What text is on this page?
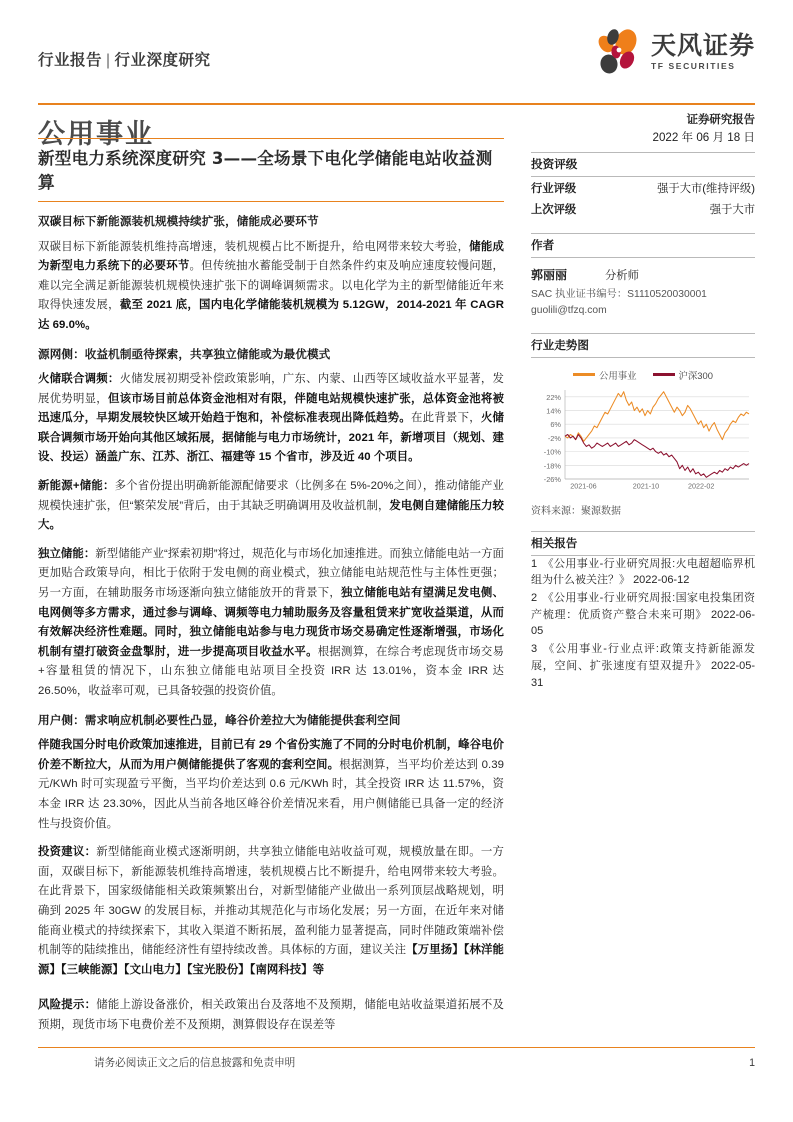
行业报告 | 行业深度研究
天风证券
TF SECURITIES
公用事业	证券研究报告
2022 年 06 月 18 日
投资评级
行业评级	强于大市(维持评级)
上次评级	强于大市
作者
郭丽丽	分析师
SAC 执业证书编号：S1110520030001
guolili@tfzq.com
行业走势图
公用事业	沪深300
22%
14%
6%
-2%
-10%
-18%
-26%
2021-06	2021-10	2022-02
资料来源：聚源数据
相关报告
1 《公用事业-行业研究周报:火电超超临界机组为什么被关注？》 2022-06-12
2 《公用事业-行业研究周报:国家电投集团资产梳理：优质资产整合未来可期》 2022-06-05
3 《公用事业-行业点评:政策支持新能源发展，空间、扩张速度有望双提升》 2022-05-31
新型电力系统深度研究 3——全场景下电化学储能电站收益测算
双碳目标下新能源装机规模持续扩张，储能成必要环节

双碳目标下新能源装机维持高增速，装机规模占比不断提升，给电网带来较大考验，储能成为新型电力系统下的必要环节。但传统抽水蓄能受制于自然条件约束及响应速度较慢问题，难以完全满足新能源装机规模快速扩张下的调峰调频需求。以电化学为主的新型储能近年来取得快速发展，截至 2021 底，国内电化学储能装机规模为 5.12GW，2014-2021 年 CAGR 达 69.0%。

源网侧：收益机制亟待探索，共享独立储能或为最优模式

火储联合调频：火储发展初期受补偿政策影响，广东、内蒙、山西等区域收益水平显著，发展优势明显，但该市场目前总体资金池相对有限，伴随电站规模快速扩张，总体资金池将被迅速瓜分，早期发展较快区域开始趋于饱和，补偿标准表现出降低趋势。在此背景下，火储联合调频市场开始向其他区域拓展，据储能与电力市场统计，2021 年，新增项目（规划、建设、投运）涵盖广东、江苏、浙江、福建等 15 个省市，涉及近 40 个项目。

新能源+储能：多个省份提出明确新能源配储要求（比例多在 5%-20%之间），推动储能产业规模快速扩张，但“繁荣发展”背后，由于其缺乏明确调用及收益机制，发电侧自建储能压力较大。

独立储能：新型储能产业“探索初期”将过，规范化与市场化加速推进。而独立储能电站一方面更加贴合政策导向，相比于依附于发电侧的商业模式，独立储能电站规范性与主体性更强；另一方面，在辅助服务市场逐渐向独立储能放开的背景下，独立储能电站有望满足发电侧、电网侧等多方需求，通过参与调峰、调频等电力辅助服务及容量租赁来扩宽收益渠道，从而有效解决经济性难题。同时，独立储能电站参与电力现货市场交易确定性逐渐增强，市场化机制有望打破资金盘掣肘，进一步提高项目收益水平。根据测算，在综合考虑现货市场交易+容量租赁的情况下，山东独立储能电站项目全投资 IRR 达 13.01%，资本金 IRR 达 26.50%，收益率可观，已具备较强的投资价值。

用户侧：需求响应机制必要性凸显，峰谷价差拉大为储能提供套利空间

伴随我国分时电价政策加速推进，目前已有 29 个省份实施了不同的分时电价机制，峰谷电价价差不断拉大，从而为用户侧储能提供了客观的套利空间。根据测算，当平均价差达到 0.39 元/KWh 时可实现盈亏平衡，当平均价差达到 0.6 元/KWh 时，其全投资 IRR 达 11.57%，资本金 IRR 达 23.30%，因此从当前各地区峰谷价差情况来看，用户侧储能已具备一定的经济性与投资价值。

投资建议：新型储能商业模式逐渐明朗，共享独立储能电站收益可观，规模放量在即。一方面，双碳目标下，新能源装机维持高增速，装机规模占比不断提升，给电网带来较大考验。在此背景下，国家级储能相关政策频繁出台，对新型储能产业做出一系列顶层战略规划，明确到 2025 年 30GW 的发展目标，并推动其规范化与市场化发展；另一方面，在近年来对储能商业模式的持续探索下，其收入渠道不断拓展，盈利能力显著提高，同时伴随政策端补偿机制等的陆续推出，储能经济性有望持续改善。具体标的方面，建议关注【万里扬】【林洋能源】【三峡能源】【文山电力】【宝光股份】【南网科技】等

风险提示：储能上游设备涨价，相关政策出台及落地不及预期，储能电站收益渠道拓展不及预期，现货市场下电费价差不及预期，测算假设存在误差等

请务必阅读正文之后的信息披露和免责申明	1
